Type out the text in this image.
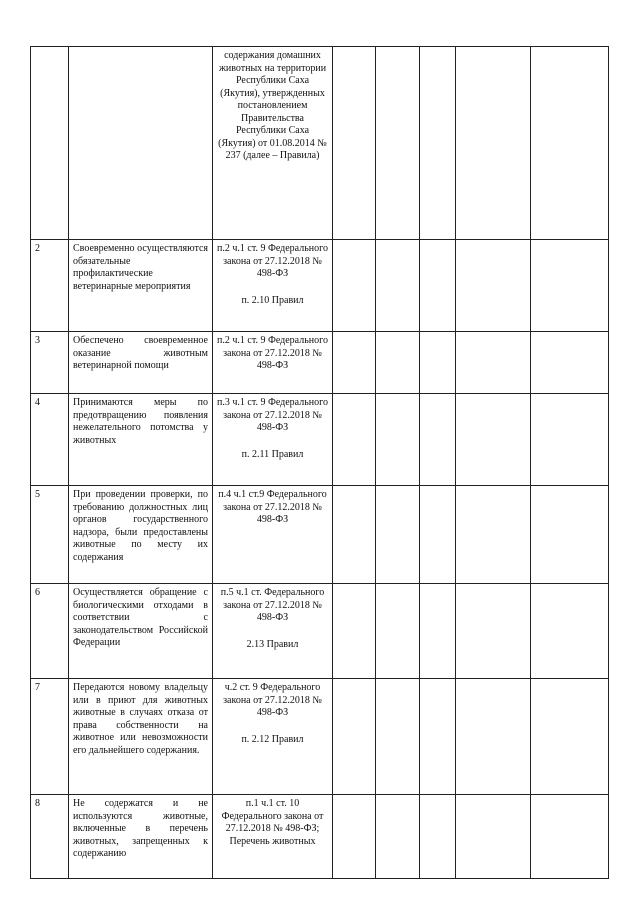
		содержания домашних животных на территории Республики Саха (Якутия), утвержденных постановлением Правительства Республики Саха (Якутия) от 01.08.2014 № 237 (далее – Правила)					

2	Своевременно осуществляются обязательные профилактические ветеринарные мероприятия	п.2 ч.1 ст. 9 Федерального закона от 27.12.2018 № 498-ФЗ
п. 2.10 Правил					

3	Обеспечено своевременное оказание животным ветеринарной помощи	п.2 ч.1 ст. 9 Федерального закона от 27.12.2018 № 498-ФЗ					

4	Принимаются меры по предотвращению появления нежелательного потомства у животных	п.3 ч.1 ст. 9 Федерального закона от 27.12.2018 № 498-ФЗ
п. 2.11 Правил					

5	При проведении проверки, по требованию должностных лиц органов государственного надзора, были предоставлены животные по месту их содержания	п.4 ч.1 ст.9 Федерального закона от 27.12.2018 № 498-ФЗ					

6	Осуществляется обращение с биологическими отходами в соответствии с законодательством Российской Федерации	п.5 ч.1 ст. Федерального закона от 27.12.2018 № 498-ФЗ
2.13 Правил					

7	Передаются новому владельцу или в приют для животных животные в случаях отказа от права собственности на животное или невозможности его дальнейшего содержания.	ч.2 ст. 9 Федерального закона от 27.12.2018 № 498-ФЗ
п. 2.12 Правил					

8	Не содержатся и не используются животные, включенные в перечень животных, запрещенных к содержанию	п.1 ч.1 ст. 10 Федерального закона от 27.12.2018 № 498-ФЗ; Перечень животных					
